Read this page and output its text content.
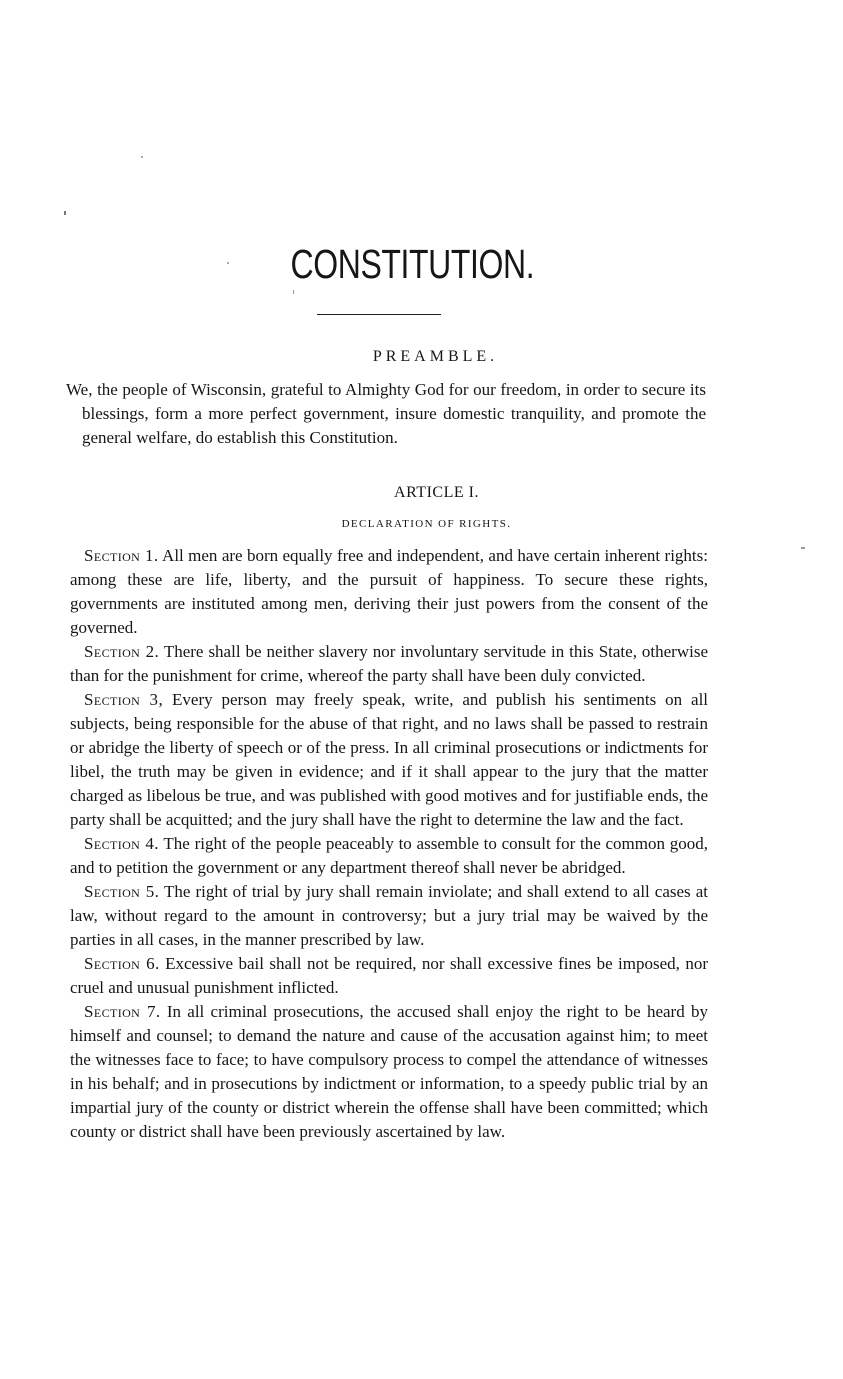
CONSTITUTION.
PREAMBLE.
We, the people of Wisconsin, grateful to Almighty God for our freedom, in order to secure its blessings, form a more perfect government, insure domestic tranquility, and promote the general welfare, do establish this Constitution.
ARTICLE I.
DECLARATION OF RIGHTS.

Section 1. All men are born equally free and independent, and have certain inherent rights: among these are life, liberty, and the pursuit of happiness. To secure these rights, governments are instituted among men, deriving their just powers from the consent of the governed.

Section 2. There shall be neither slavery nor involuntary servitude in this State, otherwise than for the punishment for crime, whereof the party shall have been duly convicted.

Section 3, Every person may freely speak, write, and publish his sentiments on all subjects, being responsible for the abuse of that right, and no laws shall be passed to restrain or abridge the liberty of speech or of the press. In all criminal prosecutions or indictments for libel, the truth may be given in evidence; and if it shall appear to the jury that the matter charged as libelous be true, and was published with good motives and for justifiable ends, the party shall be acquitted; and the jury shall have the right to determine the law and the fact.

Section 4. The right of the people peaceably to assemble to consult for the common good, and to petition the government or any department thereof shall never be abridged.

Section 5. The right of trial by jury shall remain inviolate; and shall extend to all cases at law, without regard to the amount in controversy; but a jury trial may be waived by the parties in all cases, in the manner prescribed by law.

Section 6. Excessive bail shall not be required, nor shall excessive fines be imposed, nor cruel and unusual punishment inflicted.

Section 7. In all criminal prosecutions, the accused shall enjoy the right to be heard by himself and counsel; to demand the nature and cause of the accusation against him; to meet the witnesses face to face; to have compulsory process to compel the attendance of witnesses in his behalf; and in prosecutions by indictment or information, to a speedy public trial by an impartial jury of the county or district wherein the offense shall have been committed; which county or district shall have been previously ascertained by law.
